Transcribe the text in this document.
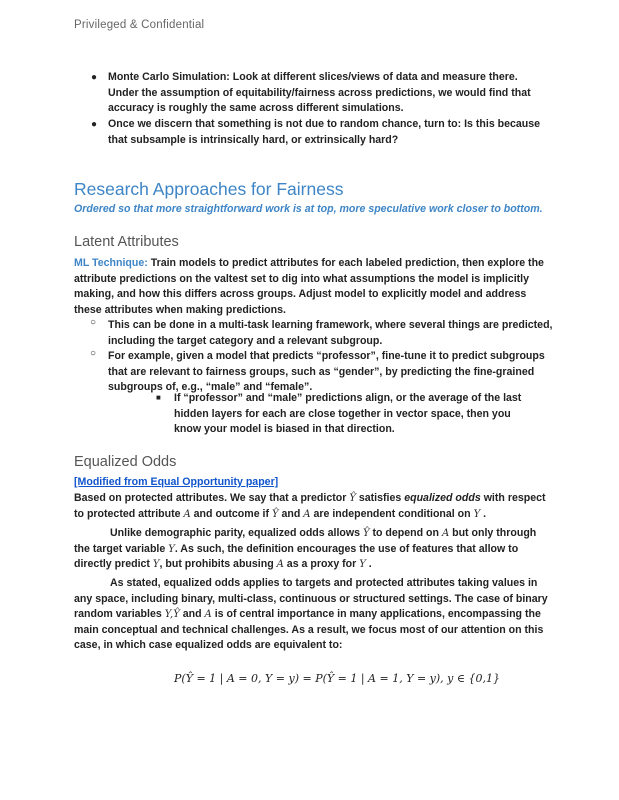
Privileged & Confidential
● Monte Carlo Simulation: Look at different slices/views of data and measure there. Under the assumption of equitability/fairness across predictions, we would find that accuracy is roughly the same across different simulations.
● Once we discern that something is not due to random chance, turn to: Is this because that subsample is intrinsically hard, or extrinsically hard?
Research Approaches for Fairness
Ordered so that more straightforward work is at top, more speculative work closer to bottom.
Latent Attributes
ML Technique: Train models to predict attributes for each labeled prediction, then explore the attribute predictions on the valtest set to dig into what assumptions the model is implicitly making, and how this differs across groups. Adjust model to explicitly model and address these attributes when making predictions.
○ This can be done in a multi-task learning framework, where several things are predicted, including the target category and a relevant subgroup.
○ For example, given a model that predicts “professor”, fine-tune it to predict subgroups that are relevant to fairness groups, such as “gender”, by predicting the fine-grained subgroups of, e.g., “male” and “female”.
■ If “professor” and “male” predictions align, or the average of the last hidden layers for each are close together in vector space, then you know your model is biased in that direction.
Equalized Odds
[Modified from Equal Opportunity paper]
Based on protected attributes. We say that a predictor Ŷ satisfies equalized odds with respect to protected attribute A and outcome if Ŷ and A are independent conditional on Y .
Unlike demographic parity, equalized odds allows Ŷ to depend on A but only through the target variable Y. As such, the definition encourages the use of features that allow to directly predict Y, but prohibits abusing A as a proxy for Y .
As stated, equalized odds applies to targets and protected attributes taking values in any space, including binary, multi-class, continuous or structured settings. The case of binary random variables Y,Ŷ and A is of central importance in many applications, encompassing the main conceptual and technical challenges. As a result, we focus most of our attention on this case, in which case equalized odds are equivalent to:
P(Ŷ = 1 | A = 0, Y = y) = P(Ŷ = 1 | A = 1, Y = y), y ∈ {0,1}
